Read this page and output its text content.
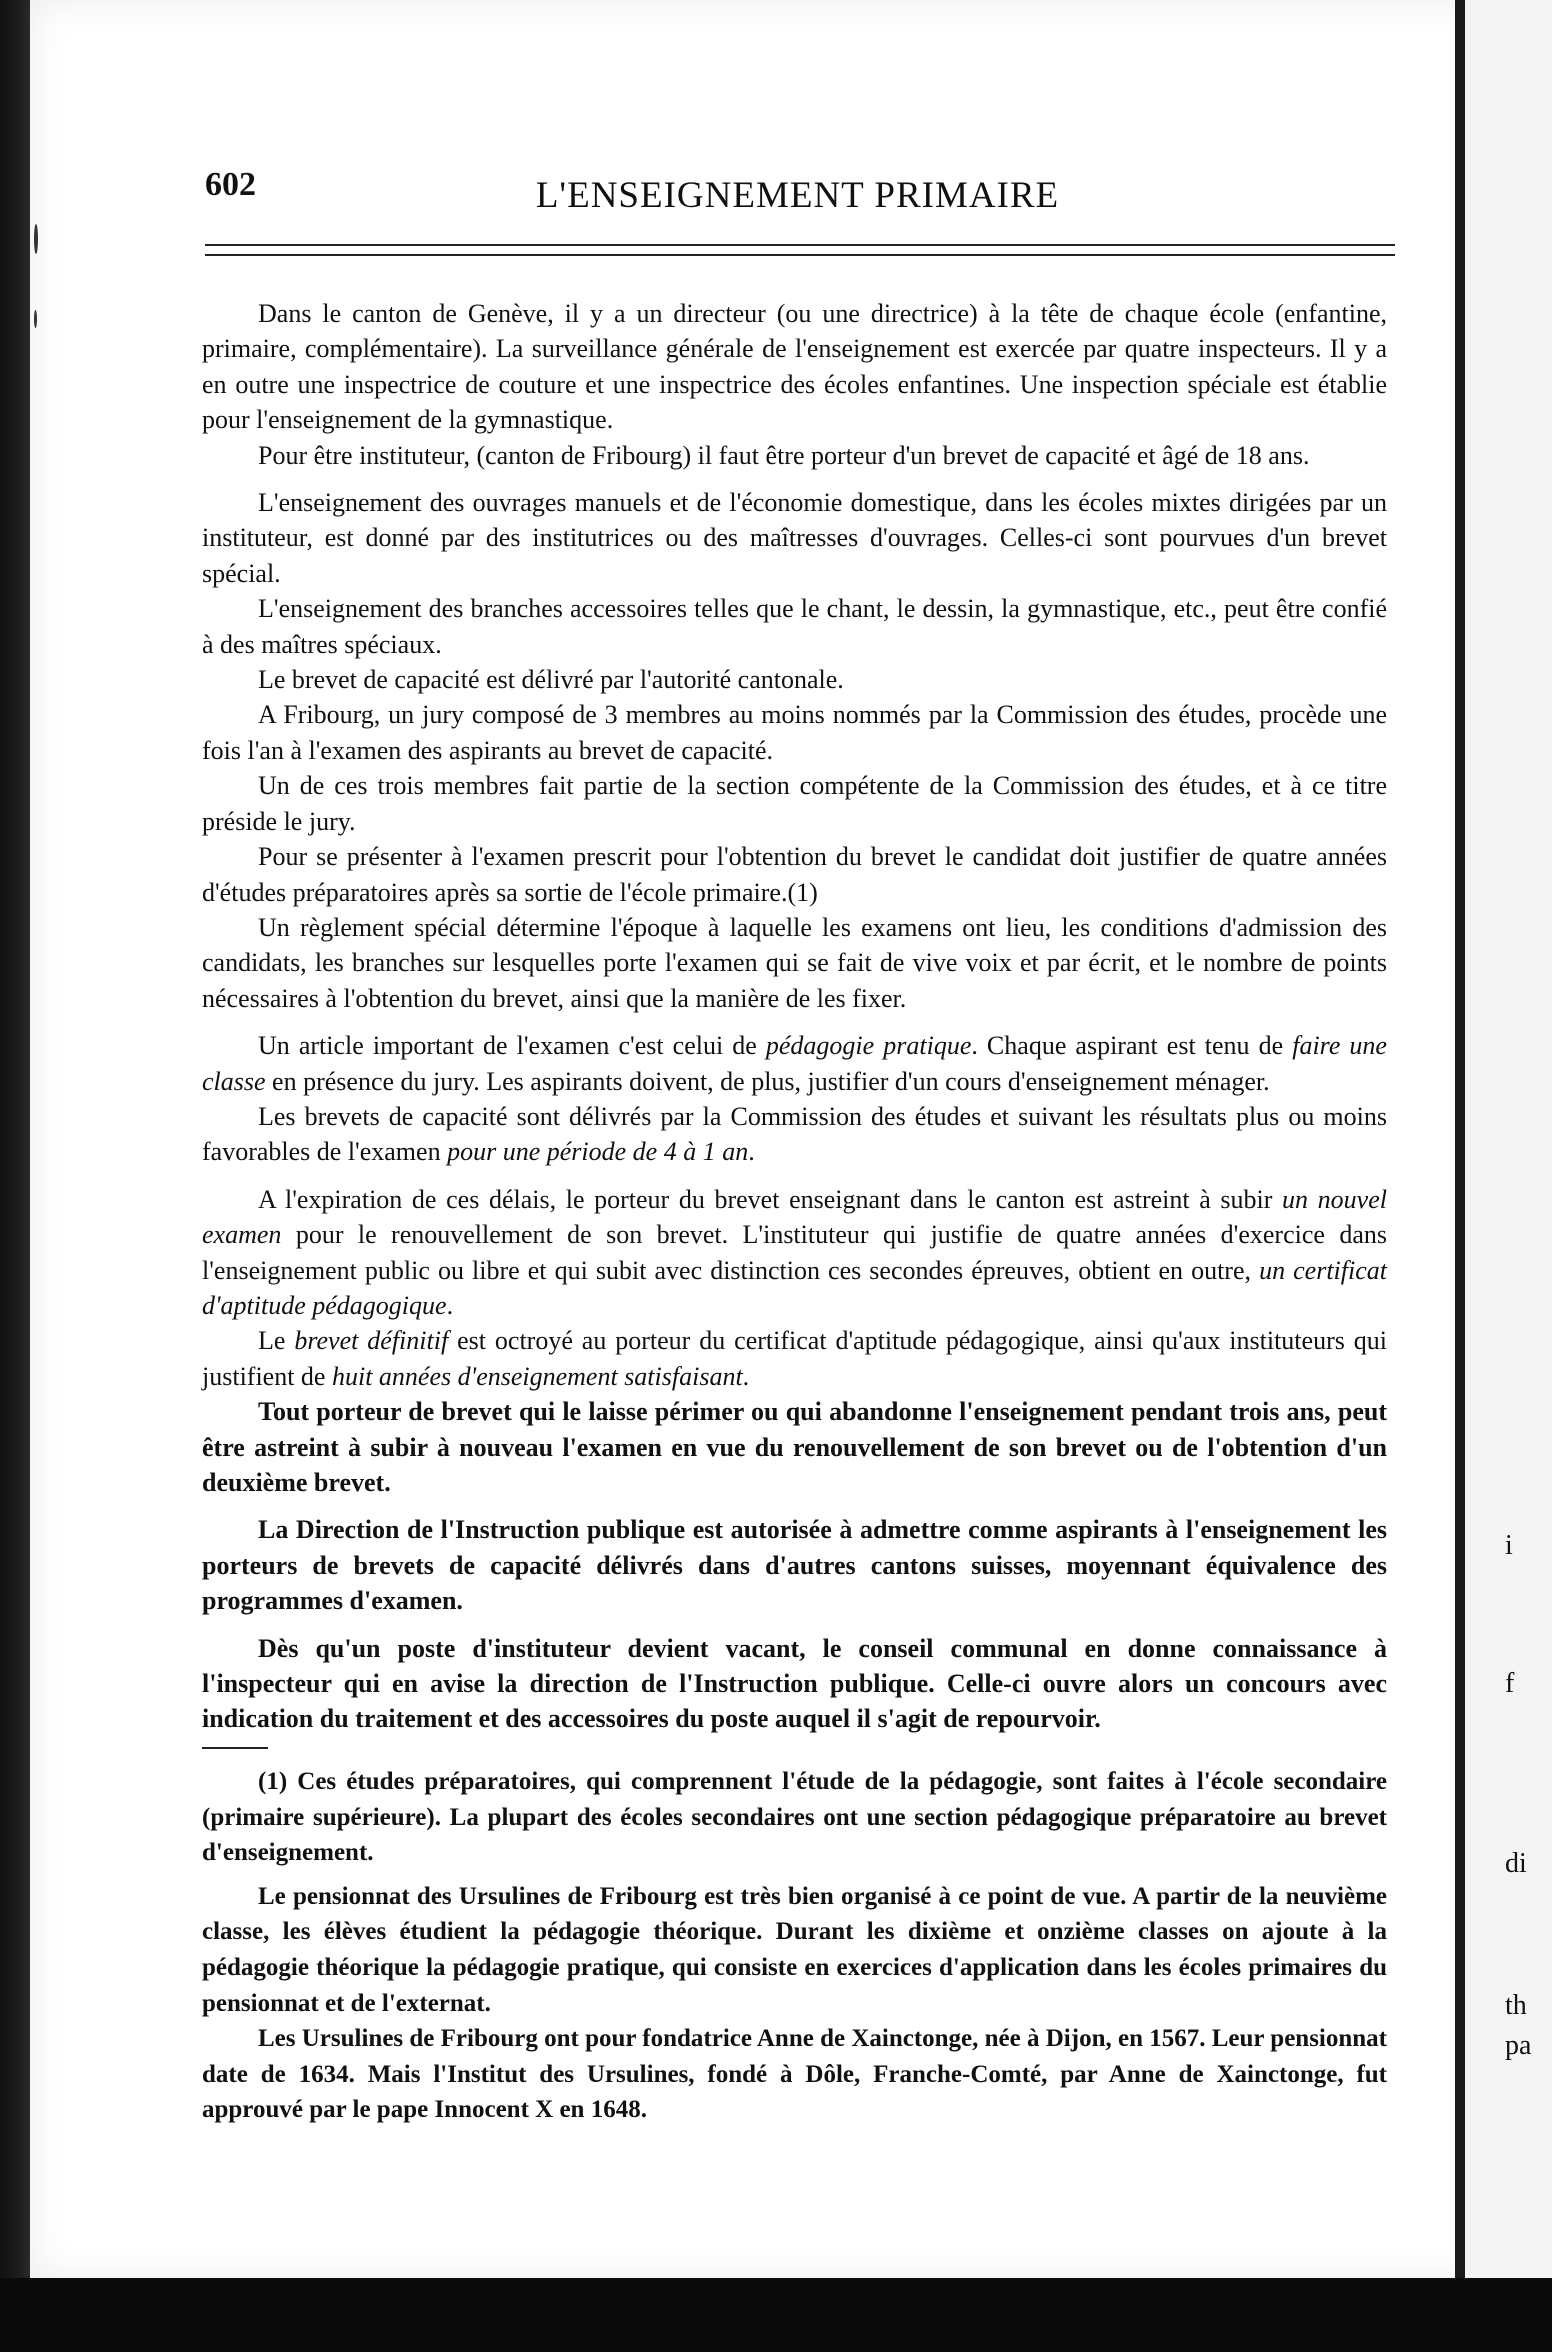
i
f
di
th
pa
602	L'ENSEIGNEMENT PRIMAIRE

Dans le canton de Genève, il y a un directeur (ou une directrice) à la tête de chaque école (enfantine, primaire, complémentaire). La surveillance générale de l'enseignement est exercée par quatre inspecteurs. Il y a en outre une inspectrice de couture et une inspectrice des écoles enfantines. Une inspection spéciale est établie pour l'enseignement de la gymnastique.

Pour être instituteur, (canton de Fribourg) il faut être porteur d'un brevet de capacité et âgé de 18 ans.

L'enseignement des ouvrages manuels et de l'économie domestique, dans les écoles mixtes dirigées par un instituteur, est donné par des institutrices ou des maîtresses d'ouvrages. Celles-ci sont pourvues d'un brevet spécial.

L'enseignement des branches accessoires telles que le chant, le dessin, la gymnastique, etc., peut être confié à des maîtres spéciaux.

Le brevet de capacité est délivré par l'autorité cantonale.

A Fribourg, un jury composé de 3 membres au moins nommés par la Commission des études, procède une fois l'an à l'examen des aspirants au brevet de capacité.

Un de ces trois membres fait partie de la section compétente de la Commission des études, et à ce titre préside le jury.

Pour se présenter à l'examen prescrit pour l'obtention du brevet le candidat doit justifier de quatre années d'études préparatoires après sa sortie de l'école primaire.(1)

Un règlement spécial détermine l'époque à laquelle les examens ont lieu, les conditions d'admission des candidats, les branches sur lesquelles porte l'examen qui se fait de vive voix et par écrit, et le nombre de points nécessaires à l'obtention du brevet, ainsi que la manière de les fixer.

Un article important de l'examen c'est celui de pédagogie pratique. Chaque aspirant est tenu de faire une classe en présence du jury. Les aspirants doivent, de plus, justifier d'un cours d'enseignement ménager.

Les brevets de capacité sont délivrés par la Commission des études et suivant les résultats plus ou moins favorables de l'examen pour une période de 4 à 1 an.

A l'expiration de ces délais, le porteur du brevet enseignant dans le canton est astreint à subir un nouvel examen pour le renouvellement de son brevet. L'instituteur qui justifie de quatre années d'exercice dans l'enseignement public ou libre et qui subit avec distinction ces secondes épreuves, obtient en outre, un certificat d'aptitude pédagogique.

Le brevet définitif est octroyé au porteur du certificat d'aptitude pédagogique, ainsi qu'aux instituteurs qui justifient de huit années d'enseignement satisfaisant.

Tout porteur de brevet qui le laisse périmer ou qui abandonne l'enseignement pendant trois ans, peut être astreint à subir à nouveau l'examen en vue du renouvellement de son brevet ou de l'obtention d'un deuxième brevet.

La Direction de l'Instruction publique est autorisée à admettre comme aspirants à l'enseignement les porteurs de brevets de capacité délivrés dans d'autres cantons suisses, moyennant équivalence des programmes d'examen.

Dès qu'un poste d'instituteur devient vacant, le conseil communal en donne connaissance à l'inspecteur qui en avise la direction de l'Instruction publique. Celle-ci ouvre alors un concours avec indication du traitement et des accessoires du poste auquel il s'agit de repourvoir.

(1) Ces études préparatoires, qui comprennent l'étude de la pédagogie, sont faites à l'école secondaire (primaire supérieure). La plupart des écoles secondaires ont une section pédagogique préparatoire au brevet d'enseignement.

Le pensionnat des Ursulines de Fribourg est très bien organisé à ce point de vue. A partir de la neuvième classe, les élèves étudient la pédagogie théorique. Durant les dixième et onzième classes on ajoute à la pédagogie théorique la pédagogie pratique, qui consiste en exercices d'application dans les écoles primaires du pensionnat et de l'externat.

Les Ursulines de Fribourg ont pour fondatrice Anne de Xainctonge, née à Dijon, en 1567. Leur pensionnat date de 1634. Mais l'Institut des Ursulines, fondé à Dôle, Franche-Comté, par Anne de Xainctonge, fut approuvé par le pape Innocent X en 1648.
